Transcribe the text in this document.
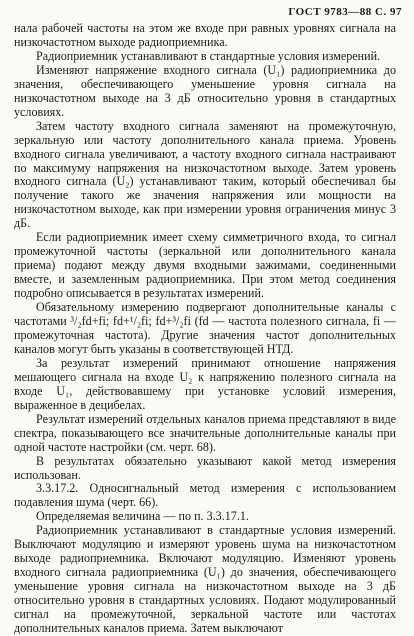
ГОСТ 9783—88 С. 97

нала рабочей частоты на этом же входе при равных уровнях сигнала на низкочастотном выходе радиоприемника.

Радиоприемник устанавливают в стандартные условия измерений.

Изменяют напряжение входного сигнала (U₁) радиоприемника до значения, обеспечивающего уменьшение уровня сигнала на низкочастотном выходе на 3 дБ относительно уровня в стандартных условиях.

Затем частоту входного сигнала заменяют на промежуточную, зеркальную или частоту дополнительного канала приема. Уровень входного сигнала увеличивают, а частоту входного сигнала настраивают по максимуму напряжения на низкочастотном выходе. Затем уровень входного сигнала (U₂) устанавливают таким, который обеспечивал бы получение такого же значения напряжения или мощности на низкочастотном выходе, как при измерении уровня ограничения минус 3 дБ.

Если радиоприемник имеет схему симметричного входа, то сигнал промежуточной частоты (зеркальной или дополнительного канала приема) подают между двумя входными зажимами, соединенными вместе, и заземленным радиоприемника. При этом метод соединения подробно описывается в результатах измерений.

Обязательному измерению подвергают дополнительные каналы с частотами ³/₂fd+fi; fd+¹/₂fi; fd+³/₂fi (fd — частота полезного сигнала, fi — промежуточная частота). Другие значения частот дополнительных каналов могут быть указаны в соответствующей НТД.

За результат измерений принимают отношение напряжения мешающего сигнала на входе U₂ к напряжению полезного сигнала на входе U₁, действовавшему при установке условий измерения, выраженное в децибелах.

Результат измерений отдельных каналов приема представляют в виде спектра, показывающего все значительные дополнительные каналы при одной частоте настройки (см. черт. 68).

В результатах обязательно указывают какой метод измерения использован.

3.3.17.2. Односигнальный метод измерения с использованием подавления шума (черт. 66).

Определяемая величина — по п. 3.3.17.1.

Радиоприемник устанавливают в стандартные условия измерений. Выключают модуляцию и измеряют уровень шума на низкочастотном выходе радиоприемника. Включают модуляцию. Изменяют уровень входного сигнала радиоприемника (U₁) до значения, обеспечивающего уменьшение уровня сигнала на низкочастотном выходе на 3 дБ относительно уровня в стандартных условиях. Подают модулированный сигнал на промежуточной, зеркальной частоте или частотах дополнительных каналов приема. Затем выключают
